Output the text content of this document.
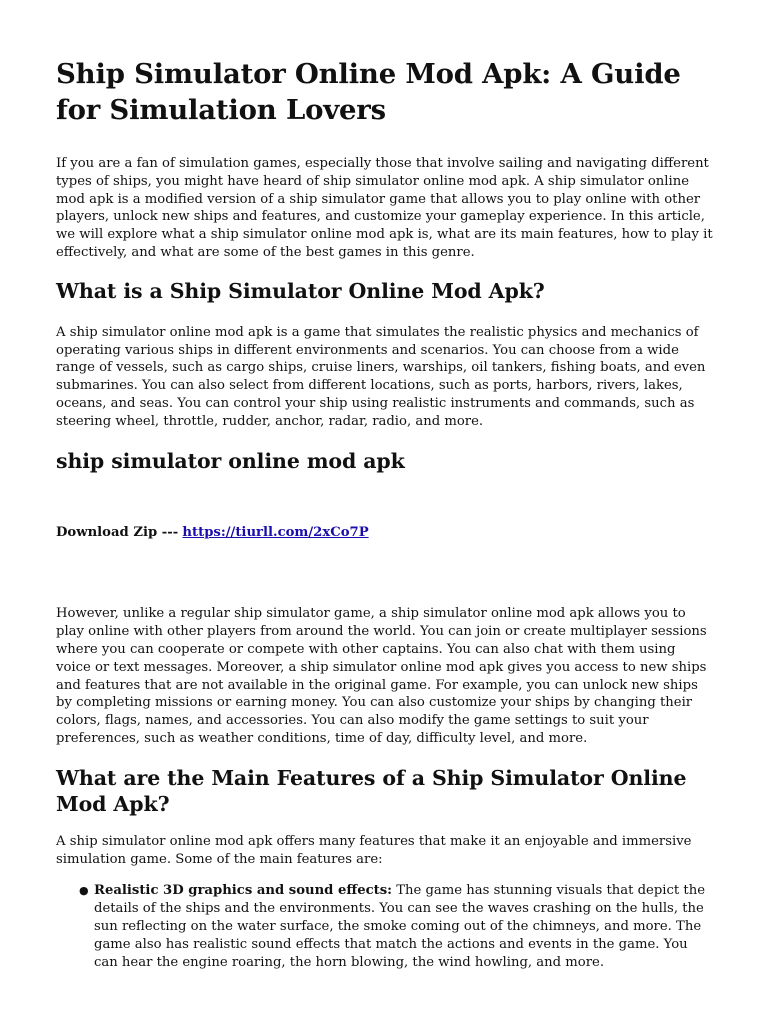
Ship Simulator Online Mod Apk: A Guide for Simulation Lovers

If you are a fan of simulation games, especially those that involve sailing and navigating different types of ships, you might have heard of ship simulator online mod apk. A ship simulator online mod apk is a modified version of a ship simulator game that allows you to play online with other players, unlock new ships and features, and customize your gameplay experience. In this article, we will explore what a ship simulator online mod apk is, what are its main features, how to play it effectively, and what are some of the best games in this genre.

What is a Ship Simulator Online Mod Apk?

A ship simulator online mod apk is a game that simulates the realistic physics and mechanics of operating various ships in different environments and scenarios. You can choose from a wide range of vessels, such as cargo ships, cruise liners, warships, oil tankers, fishing boats, and even submarines. You can also select from different locations, such as ports, harbors, rivers, lakes, oceans, and seas. You can control your ship using realistic instruments and commands, such as steering wheel, throttle, rudder, anchor, radar, radio, and more.

ship simulator online mod apk
Download Zip --- https://tiurll.com/2xCo7P

However, unlike a regular ship simulator game, a ship simulator online mod apk allows you to play online with other players from around the world. You can join or create multiplayer sessions where you can cooperate or compete with other captains. You can also chat with them using voice or text messages. Moreover, a ship simulator online mod apk gives you access to new ships and features that are not available in the original game. For example, you can unlock new ships by completing missions or earning money. You can also customize your ships by changing their colors, flags, names, and accessories. You can also modify the game settings to suit your preferences, such as weather conditions, time of day, difficulty level, and more.

What are the Main Features of a Ship Simulator Online Mod Apk?

A ship simulator online mod apk offers many features that make it an enjoyable and immersive simulation game. Some of the main features are:

● Realistic 3D graphics and sound effects: The game has stunning visuals that depict the details of the ships and the environments. You can see the waves crashing on the hulls, the sun reflecting on the water surface, the smoke coming out of the chimneys, and more. The game also has realistic sound effects that match the actions and events in the game. You can hear the engine roaring, the horn blowing, the wind howling, and more.
